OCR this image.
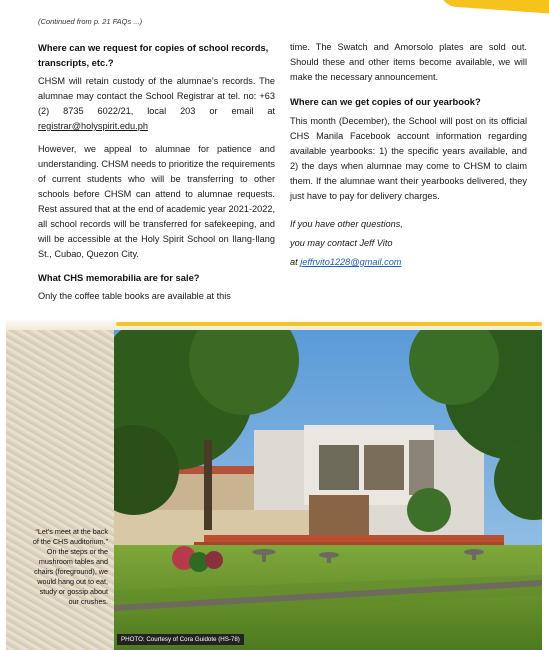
(Continued from p. 21 FAQs ...)
Where can we request for copies of school records, transcripts, etc.?

CHSM will retain custody of the alumnae's records. The alumnae may contact the School Registrar at tel. no: +63 (2) 8735 6022/21, local 203 or email at registrar@holyspirit.edu.ph

However, we appeal to alumnae for patience and understanding. CHSM needs to prioritize the requirements of current students who will be transferring to other schools before CHSM can attend to alumnae requests. Rest assured that at the end of academic year 2021-2022, all school records will be transferred for safekeeping, and will be accessible at the Holy Spirit School on Ilang-Ilang St., Cubao, Quezon City.

What CHS memorabilia are for sale?

Only the coffee table books are available at this

time. The Swatch and Amorsolo plates are sold out. Should these and other items become available, we will make the necessary announcement.

Where can we get copies of our yearbook?

This month (December), the School will post on its official CHS Manila Facebook account information regarding available yearbooks: 1) the specific years available, and 2) the days when alumnae may come to CHSM to claim them. If the alumnae want their yearbooks delivered, they just have to pay for delivery charges.

If you have other questions,

you may contact Jeff Vito

at jeffrvito1228@gmail.com

“Let's meet at the back of the CHS auditorium.” On the steps or the mushroom tables and chairs (foreground), we would hang out to eat, study or gossip about our crushes.
PHOTO: Courtesy of Cora Guidote (HS-78)
